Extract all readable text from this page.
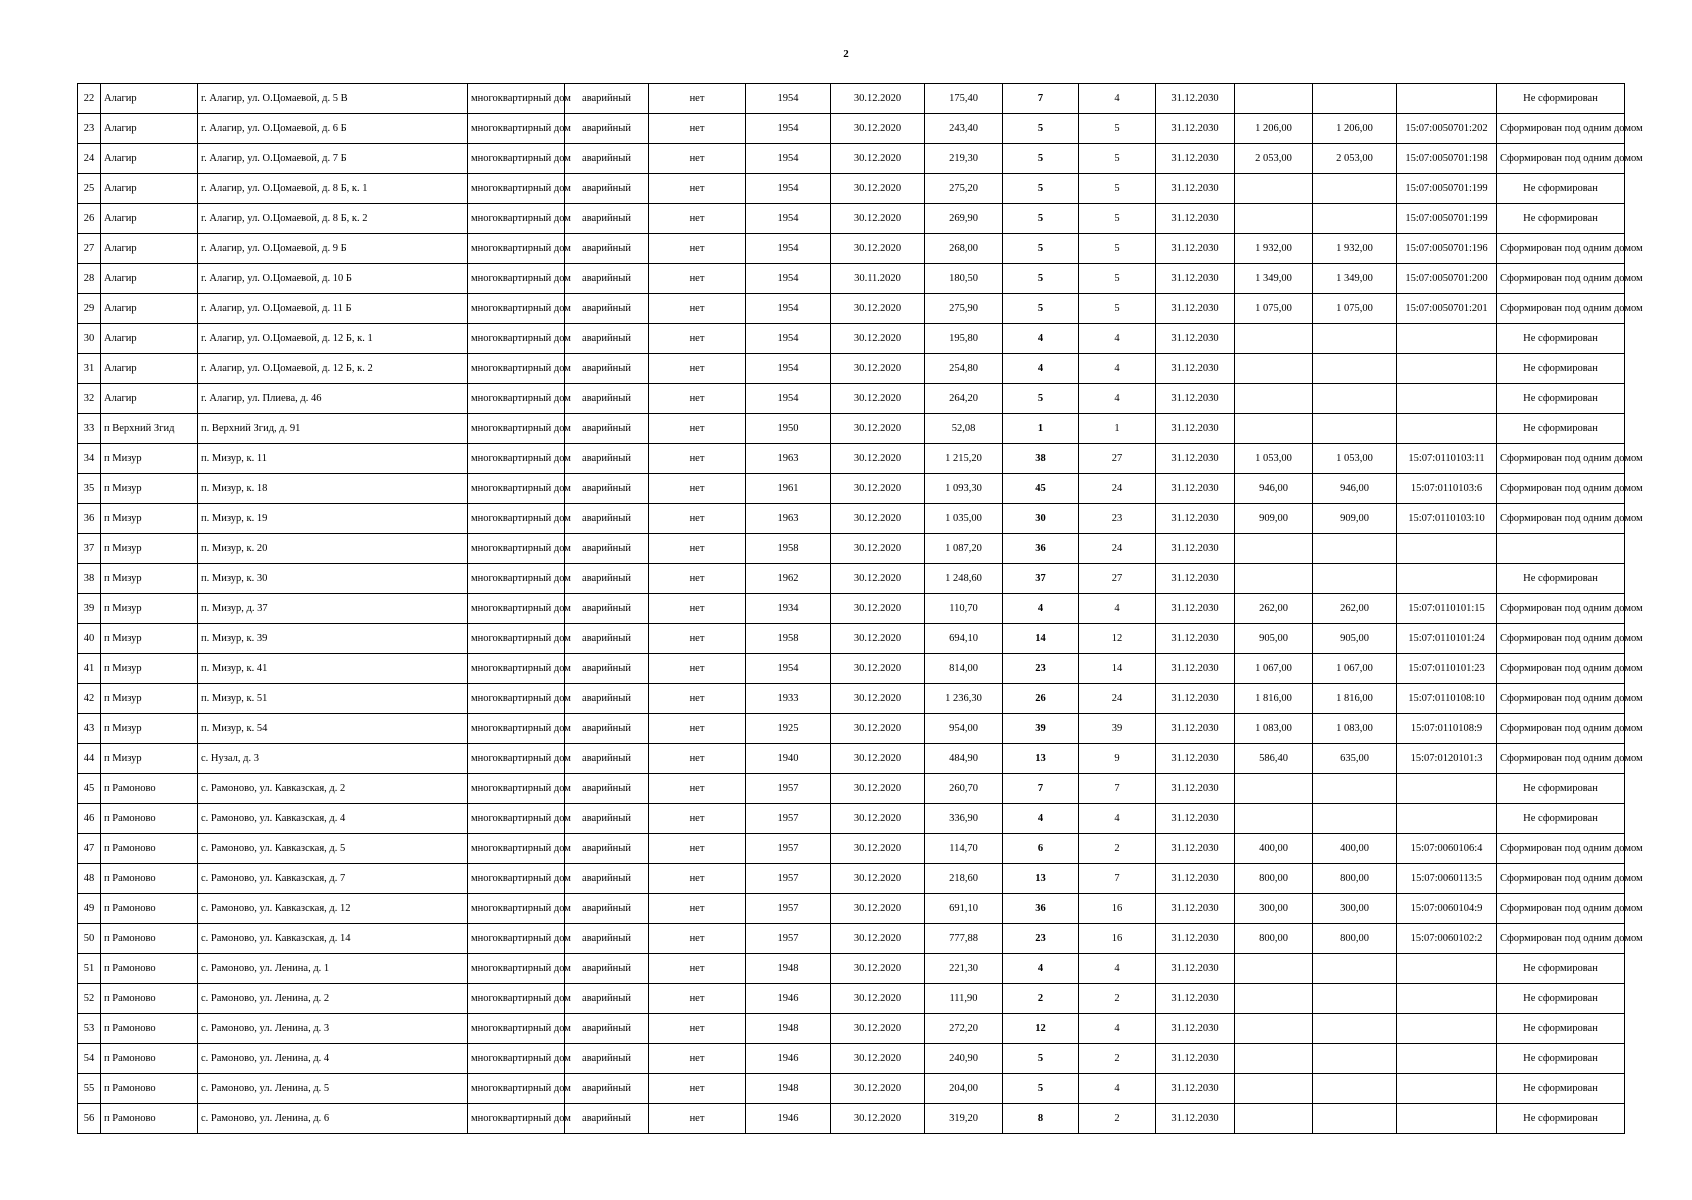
2
22	Алагир	г. Алагир, ул. О.Цомаевой, д. 5 В	многоквартирный дом	аварийный	нет	1954	30.12.2020	175,40	7	4	31.12.2030				Не сформирован
23	Алагир	г. Алагир, ул. О.Цомаевой, д. 6 Б	многоквартирный дом	аварийный	нет	1954	30.12.2020	243,40	5	5	31.12.2030	1 206,00	1 206,00	15:07:0050701:202	Сформирован под одним домом
24	Алагир	г. Алагир, ул. О.Цомаевой, д. 7 Б	многоквартирный дом	аварийный	нет	1954	30.12.2020	219,30	5	5	31.12.2030	2 053,00	2 053,00	15:07:0050701:198	Сформирован под одним домом
25	Алагир	г. Алагир, ул. О.Цомаевой, д. 8 Б, к. 1	многоквартирный дом	аварийный	нет	1954	30.12.2020	275,20	5	5	31.12.2030			15:07:0050701:199	Не сформирован
26	Алагир	г. Алагир, ул. О.Цомаевой, д. 8 Б, к. 2	многоквартирный дом	аварийный	нет	1954	30.12.2020	269,90	5	5	31.12.2030			15:07:0050701:199	Не сформирован
27	Алагир	г. Алагир, ул. О.Цомаевой, д. 9 Б	многоквартирный дом	аварийный	нет	1954	30.12.2020	268,00	5	5	31.12.2030	1 932,00	1 932,00	15:07:0050701:196	Сформирован под одним домом
28	Алагир	г. Алагир, ул. О.Цомаевой, д. 10 Б	многоквартирный дом	аварийный	нет	1954	30.11.2020	180,50	5	5	31.12.2030	1 349,00	1 349,00	15:07:0050701:200	Сформирован под одним домом
29	Алагир	г. Алагир, ул. О.Цомаевой, д. 11 Б	многоквартирный дом	аварийный	нет	1954	30.12.2020	275,90	5	5	31.12.2030	1 075,00	1 075,00	15:07:0050701:201	Сформирован под одним домом
30	Алагир	г. Алагир, ул. О.Цомаевой, д. 12 Б, к. 1	многоквартирный дом	аварийный	нет	1954	30.12.2020	195,80	4	4	31.12.2030				Не сформирован
31	Алагир	г. Алагир, ул. О.Цомаевой, д. 12 Б, к. 2	многоквартирный дом	аварийный	нет	1954	30.12.2020	254,80	4	4	31.12.2030				Не сформирован
32	Алагир	г. Алагир, ул. Плиева, д. 46	многоквартирный дом	аварийный	нет	1954	30.12.2020	264,20	5	4	31.12.2030				Не сформирован
33	п Верхний Згид	п. Верхний Згид, д. 91	многоквартирный дом	аварийный	нет	1950	30.12.2020	52,08	1	1	31.12.2030				Не сформирован
34	п Мизур	п. Мизур, к. 11	многоквартирный дом	аварийный	нет	1963	30.12.2020	1 215,20	38	27	31.12.2030	1 053,00	1 053,00	15:07:0110103:11	Сформирован под одним домом
35	п Мизур	п. Мизур, к. 18	многоквартирный дом	аварийный	нет	1961	30.12.2020	1 093,30	45	24	31.12.2030	946,00	946,00	15:07:0110103:6	Сформирован под одним домом
36	п Мизур	п. Мизур, к. 19	многоквартирный дом	аварийный	нет	1963	30.12.2020	1 035,00	30	23	31.12.2030	909,00	909,00	15:07:0110103:10	Сформирован под одним домом
37	п Мизур	п. Мизур, к. 20	многоквартирный дом	аварийный	нет	1958	30.12.2020	1 087,20	36	24	31.12.2030				
38	п Мизур	п. Мизур, к. 30	многоквартирный дом	аварийный	нет	1962	30.12.2020	1 248,60	37	27	31.12.2030				Не сформирован
39	п Мизур	п. Мизур, д. 37	многоквартирный дом	аварийный	нет	1934	30.12.2020	110,70	4	4	31.12.2030	262,00	262,00	15:07:0110101:15	Сформирован под одним домом
40	п Мизур	п. Мизур, к. 39	многоквартирный дом	аварийный	нет	1958	30.12.2020	694,10	14	12	31.12.2030	905,00	905,00	15:07:0110101:24	Сформирован под одним домом
41	п Мизур	п. Мизур, к. 41	многоквартирный дом	аварийный	нет	1954	30.12.2020	814,00	23	14	31.12.2030	1 067,00	1 067,00	15:07:0110101:23	Сформирован под одним домом
42	п Мизур	п. Мизур, к. 51	многоквартирный дом	аварийный	нет	1933	30.12.2020	1 236,30	26	24	31.12.2030	1 816,00	1 816,00	15:07:0110108:10	Сформирован под одним домом
43	п Мизур	п. Мизур, к. 54	многоквартирный дом	аварийный	нет	1925	30.12.2020	954,00	39	39	31.12.2030	1 083,00	1 083,00	15:07:0110108:9	Сформирован под одним домом
44	п Мизур	с. Нузал, д. 3	многоквартирный дом	аварийный	нет	1940	30.12.2020	484,90	13	9	31.12.2030	586,40	635,00	15:07:0120101:3	Сформирован под одним домом
45	п Рамоново	с. Рамоново, ул. Кавказская, д. 2	многоквартирный дом	аварийный	нет	1957	30.12.2020	260,70	7	7	31.12.2030				Не сформирован
46	п Рамоново	с. Рамоново, ул. Кавказская, д. 4	многоквартирный дом	аварийный	нет	1957	30.12.2020	336,90	4	4	31.12.2030				Не сформирован
47	п Рамоново	с. Рамоново, ул. Кавказская, д. 5	многоквартирный дом	аварийный	нет	1957	30.12.2020	114,70	6	2	31.12.2030	400,00	400,00	15:07:0060106:4	Сформирован под одним домом
48	п Рамоново	с. Рамоново, ул. Кавказская, д. 7	многоквартирный дом	аварийный	нет	1957	30.12.2020	218,60	13	7	31.12.2030	800,00	800,00	15:07:0060113:5	Сформирован под одним домом
49	п Рамоново	с. Рамоново, ул. Кавказская, д. 12	многоквартирный дом	аварийный	нет	1957	30.12.2020	691,10	36	16	31.12.2030	300,00	300,00	15:07:0060104:9	Сформирован под одним домом
50	п Рамоново	с. Рамоново, ул. Кавказская, д. 14	многоквартирный дом	аварийный	нет	1957	30.12.2020	777,88	23	16	31.12.2030	800,00	800,00	15:07:0060102:2	Сформирован под одним домом
51	п Рамоново	с. Рамоново, ул. Ленина, д. 1	многоквартирный дом	аварийный	нет	1948	30.12.2020	221,30	4	4	31.12.2030				Не сформирован
52	п Рамоново	с. Рамоново, ул. Ленина, д. 2	многоквартирный дом	аварийный	нет	1946	30.12.2020	111,90	2	2	31.12.2030				Не сформирован
53	п Рамоново	с. Рамоново, ул. Ленина, д. 3	многоквартирный дом	аварийный	нет	1948	30.12.2020	272,20	12	4	31.12.2030				Не сформирован
54	п Рамоново	с. Рамоново, ул. Ленина, д. 4	многоквартирный дом	аварийный	нет	1946	30.12.2020	240,90	5	2	31.12.2030				Не сформирован
55	п Рамоново	с. Рамоново, ул. Ленина, д. 5	многоквартирный дом	аварийный	нет	1948	30.12.2020	204,00	5	4	31.12.2030				Не сформирован
56	п Рамоново	с. Рамоново, ул. Ленина, д. 6	многоквартирный дом	аварийный	нет	1946	30.12.2020	319,20	8	2	31.12.2030				Не сформирован
